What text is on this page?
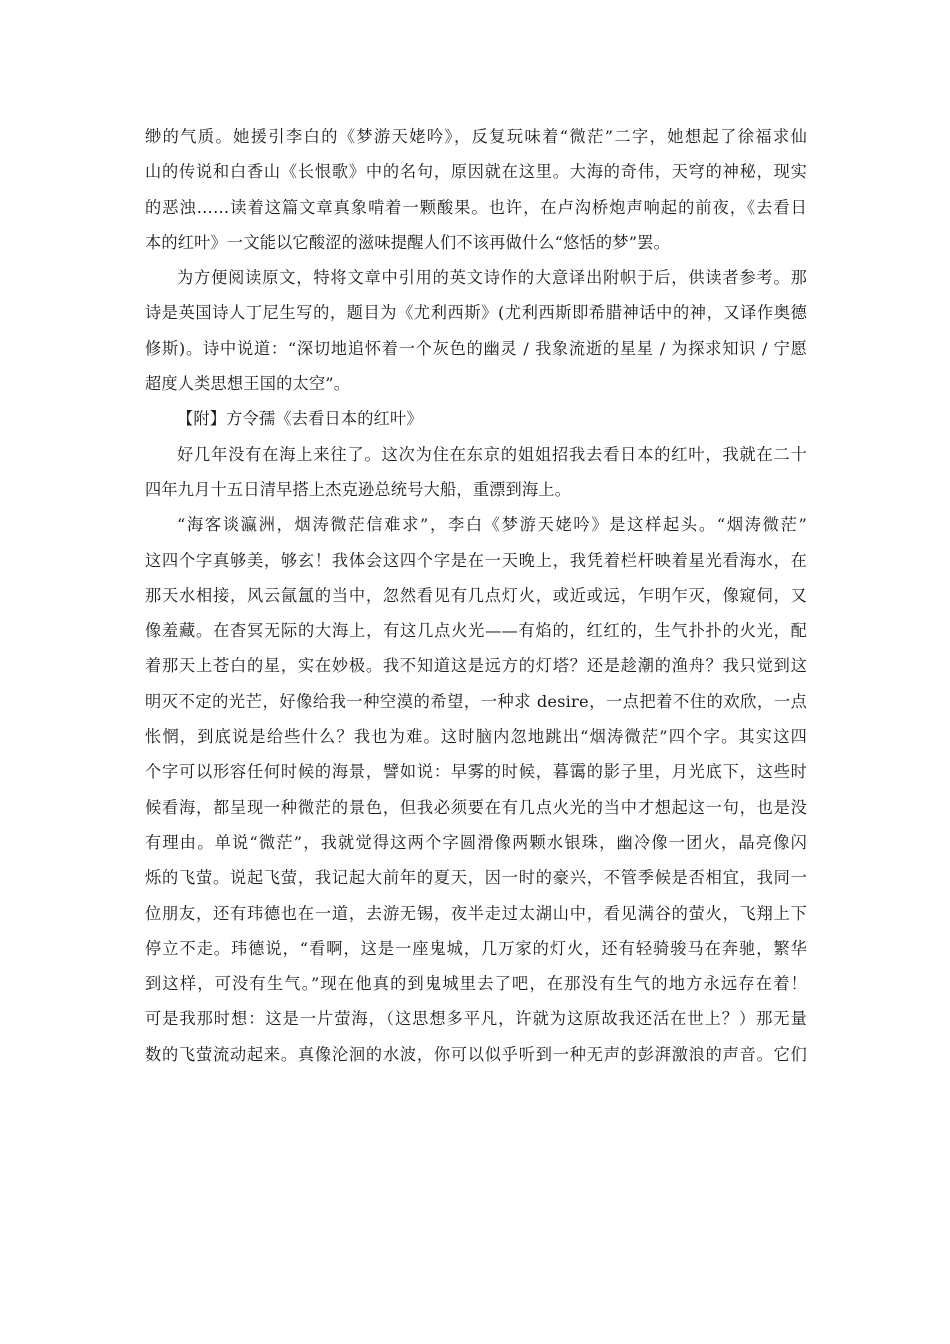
缈的气质。她援引李白的《梦游天姥吟》，反复玩味着“微茫”二字，她想起了徐福求仙
山的传说和白香山《长恨歌》中的名句，原因就在这里。大海的奇伟，天穹的神秘，现实
的恶浊……读着这篇文章真象啃着一颗酸果。也许，在卢沟桥炮声响起的前夜，《去看日
本的红叶》一文能以它酸涩的滋味提醒人们不该再做什么“悠恬的梦”罢。
为方便阅读原文，特将文章中引用的英文诗作的大意译出附帜于后，供读者参考。那
诗是英国诗人丁尼生写的，题目为《尤利西斯》(尤利西斯即希腊神话中的神，又译作奥德
修斯)。诗中说道：“深切地追怀着一个灰色的幽灵 / 我象流逝的星星 / 为探求知识 / 宁愿
超度人类思想王国的太空”。
【附】方令孺《去看日本的红叶》
好几年没有在海上来往了。这次为住在东京的姐姐招我去看日本的红叶，我就在二十
四年九月十五日清早搭上杰克逊总统号大船，重漂到海上。
“海客谈瀛洲，烟涛微茫信难求”，李白《梦游天姥吟》是这样起头。“烟涛微茫”
这四个字真够美，够玄！我体会这四个字是在一天晚上，我凭着栏杆映着星光看海水，在
那天水相接，风云氤氲的当中，忽然看见有几点灯火，或近或远，乍明乍灭，像窥伺，又
像羞藏。在杳冥无际的大海上，有这几点火光——有焰的，红红的，生气扑扑的火光，配
着那天上苍白的星，实在妙极。我不知道这是远方的灯塔？还是趁潮的渔舟？我只觉到这
明灭不定的光芒，好像给我一种空漠的希望，一种求 desire，一点把着不住的欢欣，一点
怅惘，到底说是给些什么？我也为难。这时脑内忽地跳出“烟涛微茫”四个字。其实这四
个字可以形容任何时候的海景，譬如说：早雾的时候，暮霭的影子里，月光底下，这些时
候看海，都呈现一种微茫的景色，但我必须要在有几点火光的当中才想起这一句，也是没
有理由。单说“微茫”，我就觉得这两个字圆滑像两颗水银珠，幽冷像一团火，晶亮像闪
烁的飞萤。说起飞萤，我记起大前年的夏天，因一时的豪兴，不管季候是否相宜，我同一
位朋友，还有玮德也在一道，去游无锡，夜半走过太湖山中，看见满谷的萤火，飞翔上下
停立不走。玮德说，“看啊，这是一座鬼城，几万家的灯火，还有轻骑骏马在奔驰，繁华
到这样，可没有生气。”现在他真的到鬼城里去了吧，在那没有生气的地方永远存在着！
可是我那时想：这是一片萤海，（这思想多平凡，许就为这原故我还活在世上？）那无量
数的飞萤流动起来。真像沦洄的水波，你可以似乎听到一种无声的彭湃激浪的声音。它们
